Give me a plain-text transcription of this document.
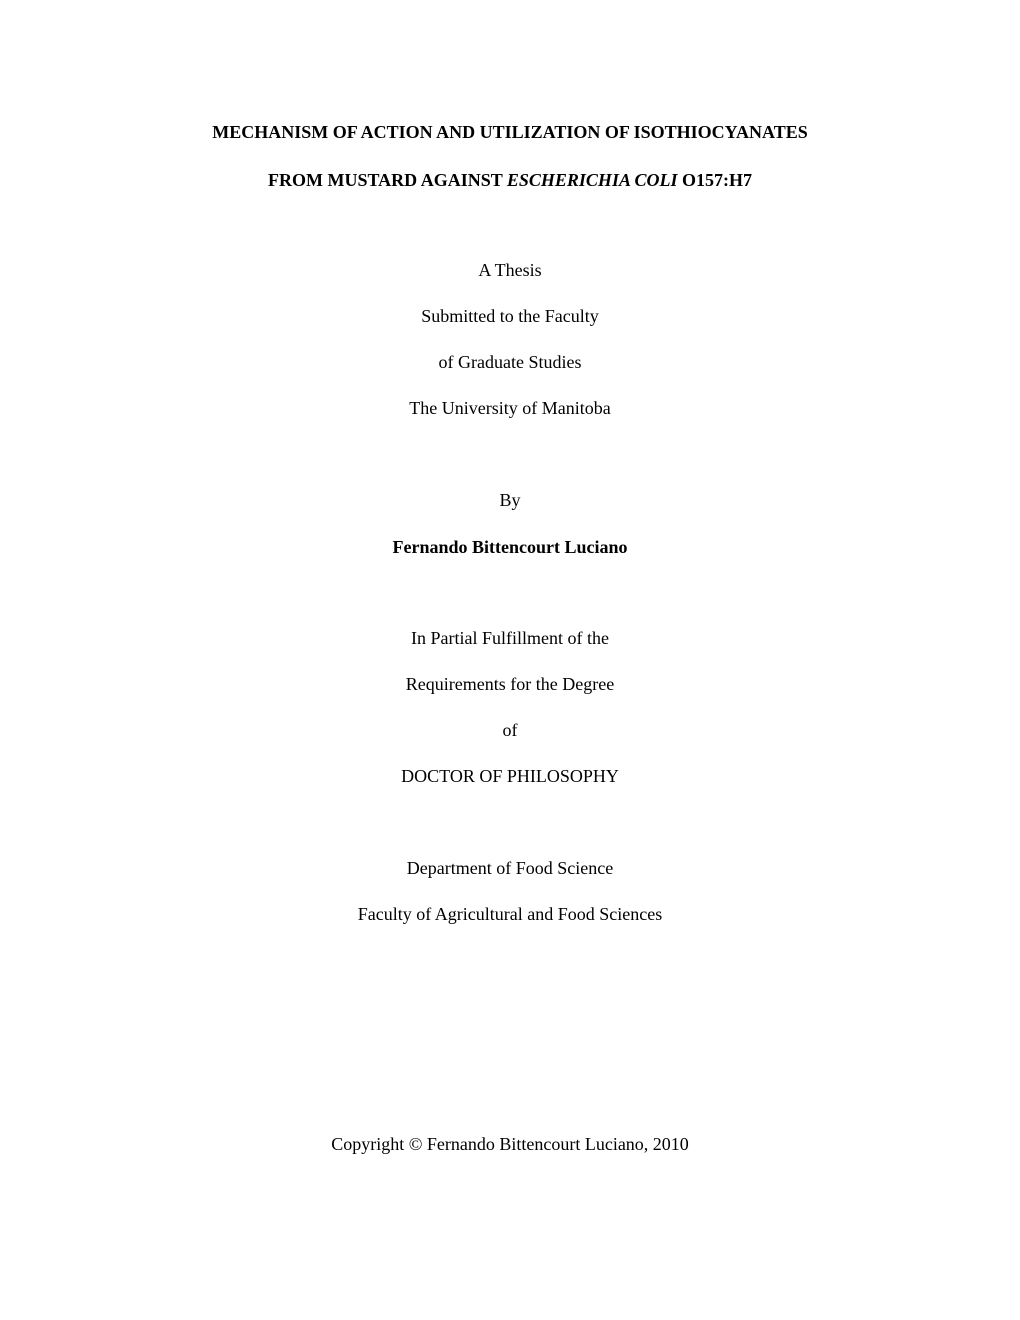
MECHANISM OF ACTION AND UTILIZATION OF ISOTHIOCYANATES
FROM MUSTARD AGAINST ESCHERICHIA COLI O157:H7
A Thesis
Submitted to the Faculty
of Graduate Studies
The University of Manitoba
By
Fernando Bittencourt Luciano
In Partial Fulfillment of the
Requirements for the Degree
of
DOCTOR OF PHILOSOPHY
Department of Food Science
Faculty of Agricultural and Food Sciences
Copyright © Fernando Bittencourt Luciano, 2010
